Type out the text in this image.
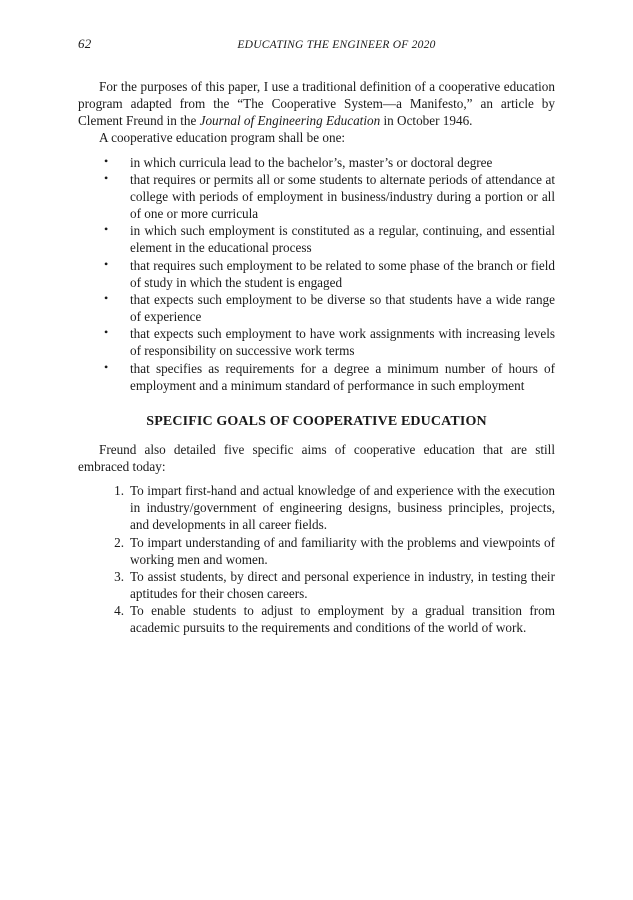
62	EDUCATING THE ENGINEER OF 2020

For the purposes of this paper, I use a traditional definition of a cooperative education program adapted from the “The Cooperative System—a Manifesto,” an article by Clement Freund in the Journal of Engineering Education in October 1946.

A cooperative education program shall be one:

• in which curricula lead to the bachelor’s, master’s or doctoral degree
• that requires or permits all or some students to alternate periods of attendance at college with periods of employment in business/industry during a portion or all of one or more curricula
• in which such employment is constituted as a regular, continuing, and essential element in the educational process
• that requires such employment to be related to some phase of the branch or field of study in which the student is engaged
• that expects such employment to be diverse so that students have a wide range of experience
• that expects such employment to have work assignments with increasing levels of responsibility on successive work terms
• that specifies as requirements for a degree a minimum number of hours of employment and a minimum standard of performance in such employment
SPECIFIC GOALS OF COOPERATIVE EDUCATION

Freund also detailed five specific aims of cooperative education that are still embraced today:

1. To impart first-hand and actual knowledge of and experience with the execution in industry/government of engineering designs, business principles, projects, and developments in all career fields.
2. To impart understanding of and familiarity with the problems and viewpoints of working men and women.
3. To assist students, by direct and personal experience in industry, in testing their aptitudes for their chosen careers.
4. To enable students to adjust to employment by a gradual transition from academic pursuits to the requirements and conditions of the world of work.
